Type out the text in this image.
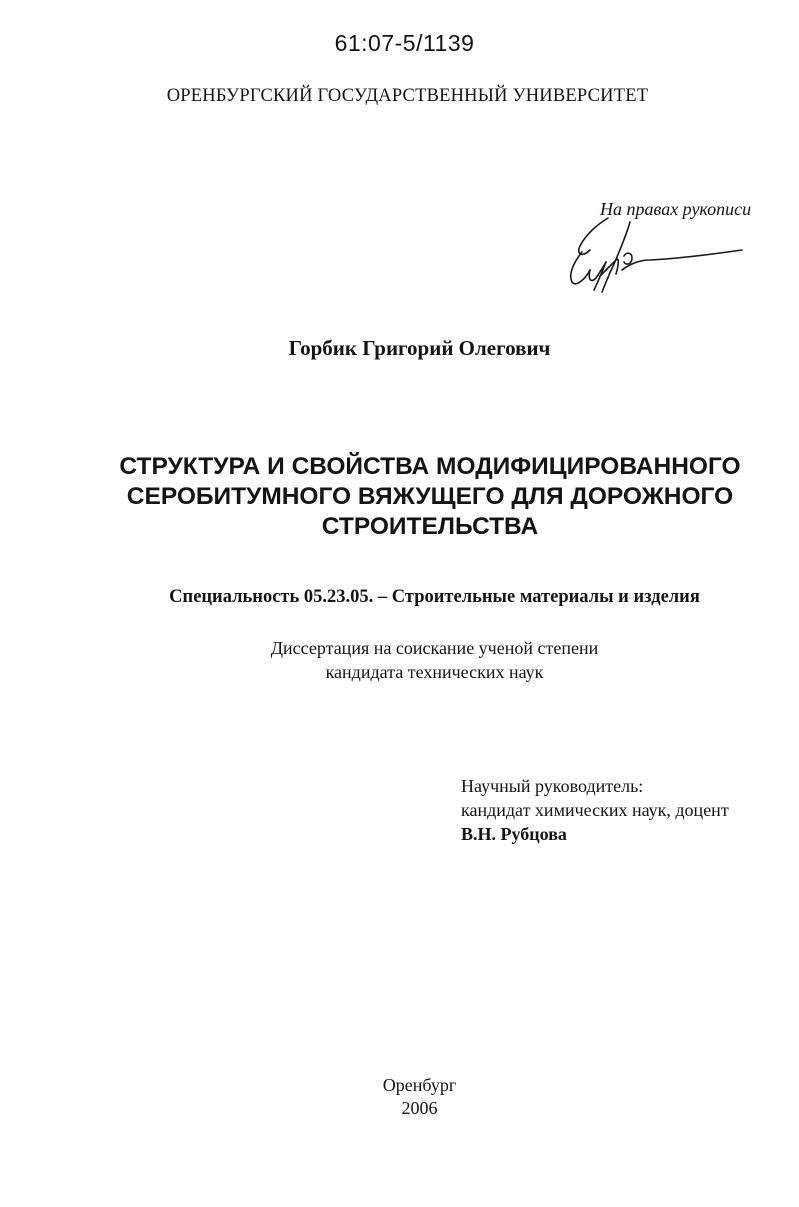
61:07-5/1139
ОРЕНБУРГСКИЙ ГОСУДАРСТВЕННЫЙ УНИВЕРСИТЕТ
На правах рукописи
Горбик Григорий Олегович
СТРУКТУРА И СВОЙСТВА МОДИФИЦИРОВАННОГО
СЕРОБИТУМНОГО ВЯЖУЩЕГО ДЛЯ ДОРОЖНОГО
СТРОИТЕЛЬСТВА
Специальность 05.23.05. – Строительные материалы и изделия
Диссертация на соискание ученой степени
кандидата технических наук
Научный руководитель:
кандидат химических наук, доцент
В.Н. Рубцова
Оренбург
2006
